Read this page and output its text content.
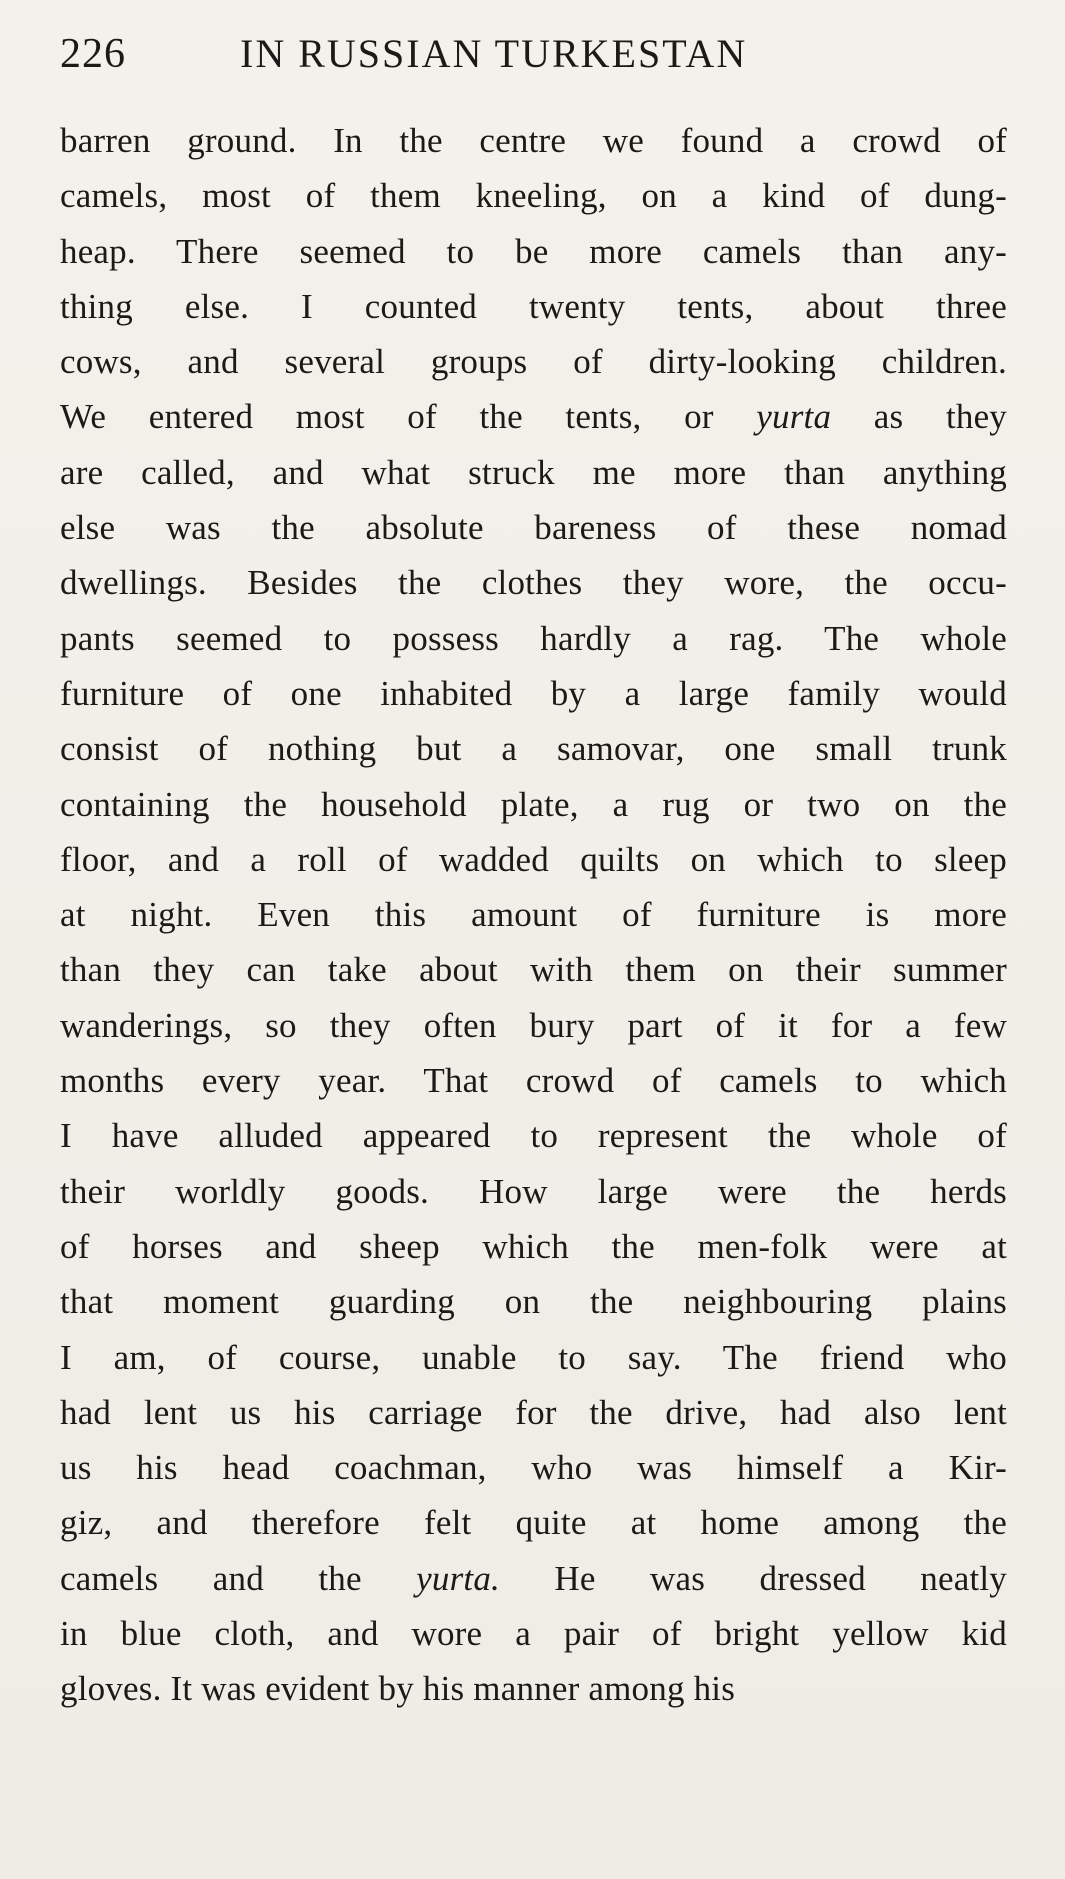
226	IN RUSSIAN TURKESTAN
barren ground. In the centre we found a crowd of
camels, most of them kneeling, on a kind of dung-
heap. There seemed to be more camels than any-
thing else. I counted twenty tents, about three
cows, and several groups of dirty-looking children.
We entered most of the tents, or yurta as they
are called, and what struck me more than anything
else was the absolute bareness of these nomad
dwellings. Besides the clothes they wore, the occu-
pants seemed to possess hardly a rag. The whole
furniture of one inhabited by a large family would
consist of nothing but a samovar, one small trunk
containing the household plate, a rug or two on the
floor, and a roll of wadded quilts on which to sleep
at night. Even this amount of furniture is more
than they can take about with them on their summer
wanderings, so they often bury part of it for a few
months every year. That crowd of camels to which
I have alluded appeared to represent the whole of
their worldly goods. How large were the herds
of horses and sheep which the men-folk were at
that moment guarding on the neighbouring plains
I am, of course, unable to say. The friend who
had lent us his carriage for the drive, had also lent
us his head coachman, who was himself a Kir-
giz, and therefore felt quite at home among the
camels and the yurta. He was dressed neatly
in blue cloth, and wore a pair of bright yellow kid
gloves. It was evident by his manner among his
